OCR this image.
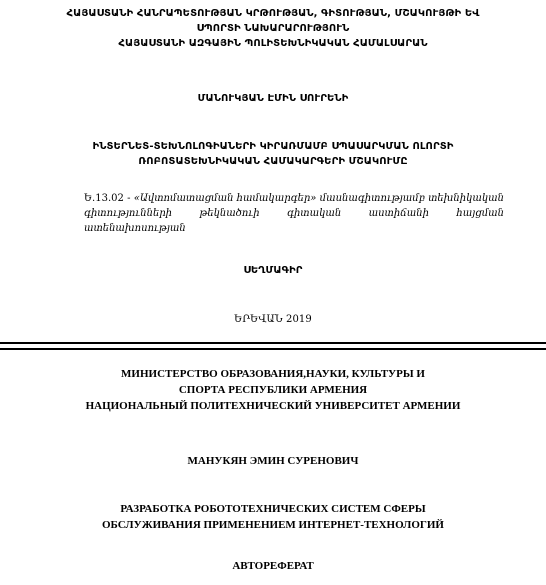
ՀԱՅԱՍՏԱՆԻ ՀԱՆՐԱՊԵՏՈՒԹՅԱՆ ԿՐԹՈՒԹՅԱՆ, ԳԻՏՈՒԹՅԱՆ, ՄՇԱԿՈՒՅԹԻ ԵՎ
ՍՊՈՐՏԻ ՆԱԽԱՐԱՐՈՒԹՅՈՒՆ
ՀԱՅԱՍՏԱՆԻ ԱԶԳԱՅԻՆ ՊՈԼԻՏԵԽՆԻԿԱԿԱՆ ՀԱՄԱԼՍԱՐԱՆ
ՄԱՆՈՒԿՅԱՆ ԷՄԻՆ ՍՈՒՐԵՆԻ
ԻՆՏԵՐՆԵՏ-ՏԵԽՆՈԼՈԳԻԱՆԵՐԻ ԿԻՐԱՌՄԱՄԲ ՍՊԱՍԱՐԿՄԱՆ ՈԼՈՐՏԻ
ՌՈԲՈՏԱՏԵԽՆԻԿԱԿԱՆ ՀԱՄԱԿԱՐԳԵՐԻ ՄՇԱԿՈՒՄԸ
Ե.13.02 - «Ավտոմատացման համակարգեր» մասնագիտությամբ տեխնիկական գիտությունների թեկնածուի գիտական աստիճանի հայցման ատենախոսության
ՍԵՂՄԱԳԻՐ
ԵՐԵՎԱՆ 2019
МИНИСТЕРСТВО ОБРАЗОВАНИЯ,НАУКИ, КУЛЬТУРЫ И
СПОРТА РЕСПУБЛИКИ АРМЕНИЯ
НАЦИОНАЛЬНЫЙ ПОЛИТЕХНИЧЕСКИЙ УНИВЕРСИТЕТ АРМЕНИИ
МАНУКЯН ЭМИН СУРЕНОВИЧ
РАЗРАБОТКА РОБОТОТЕХНИЧЕСКИХ СИСТЕМ СФЕРЫ
ОБСЛУЖИВАНИЯ ПРИМЕНЕНИЕМ ИНТЕРНЕТ-ТЕХНОЛОГИЙ
АВТОРЕФЕРАТ
